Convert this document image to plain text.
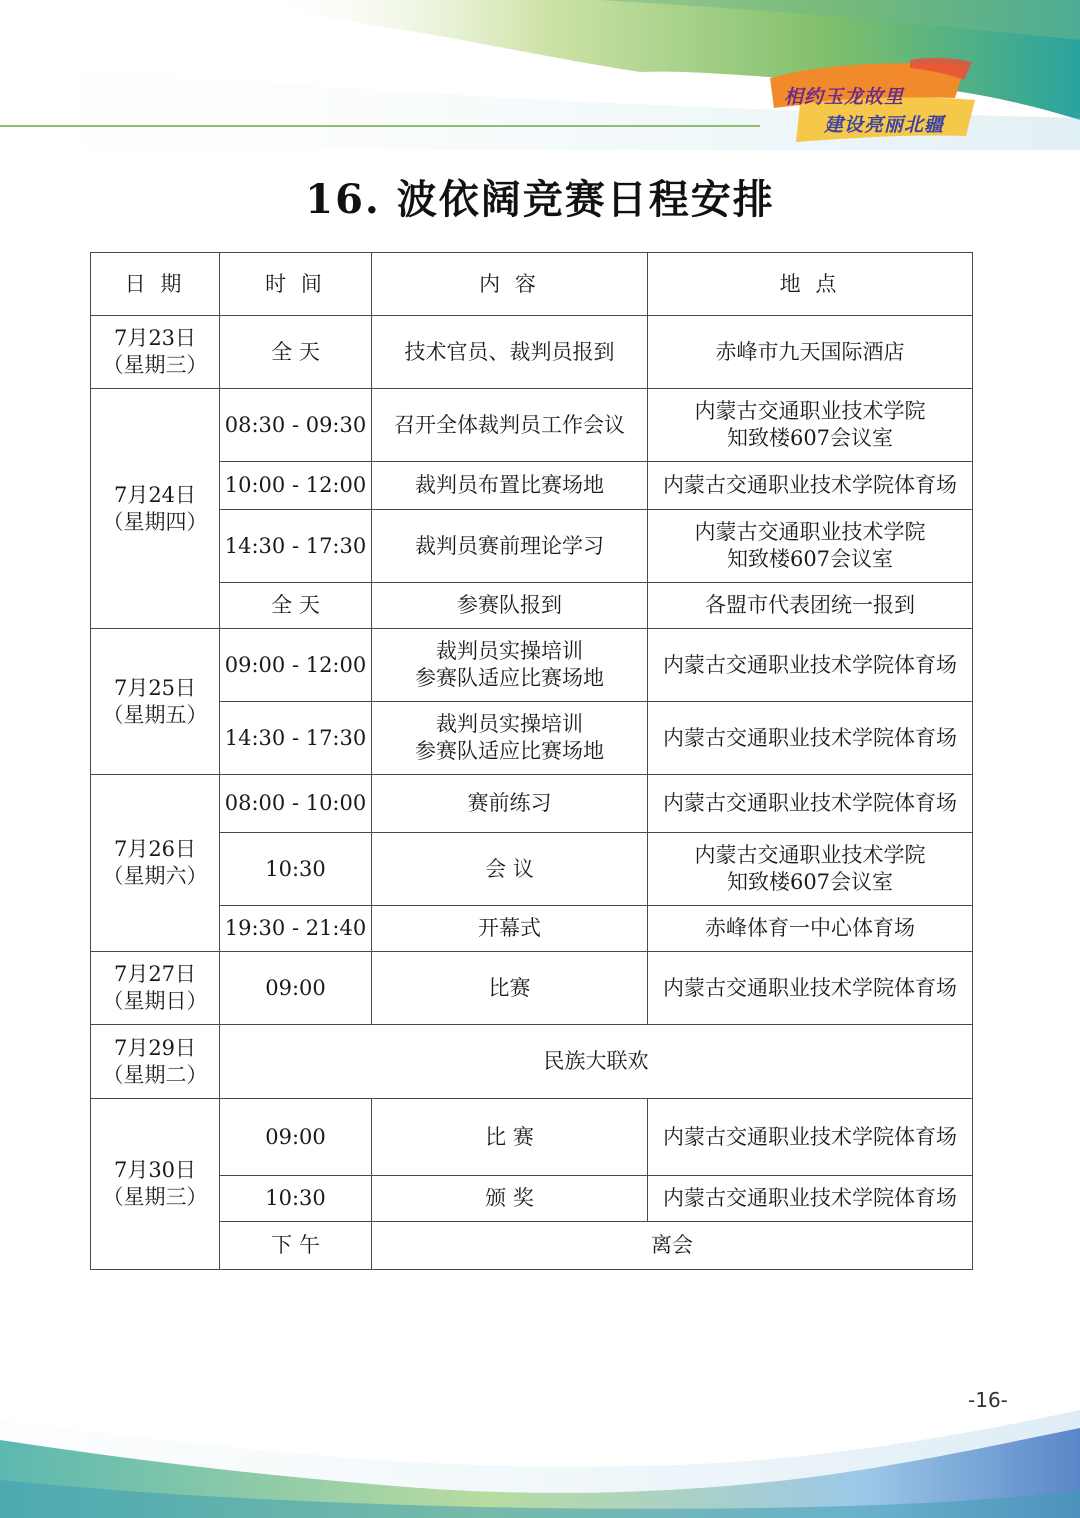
相约玉龙故里
建设亮丽北疆
16. 波依阔竞赛日程安排
日 期	时 间	内 容	地 点

7月23日
（星期三）	全 天	技术官员、裁判员报到	赤峰市九天国际酒店

7月24日
（星期四）	08:30 - 09:30	召开全体裁判员工作会议	内蒙古交通职业技术学院
知致楼607会议室

	10:00 - 12:00	裁判员布置比赛场地	内蒙古交通职业技术学院体育场
	14:30 - 17:30	裁判员赛前理论学习	内蒙古交通职业技术学院
知致楼607会议室

	全 天	参赛队报到	各盟市代表团统一报到

7月25日
（星期五）	09:00 - 12:00	裁判员实操培训
参赛队适应比赛场地	内蒙古交通职业技术学院体育场
	14:30 - 17:30	裁判员实操培训
参赛队适应比赛场地	内蒙古交通职业技术学院体育场

7月26日
（星期六）	08:00 - 10:00	赛前练习	内蒙古交通职业技术学院体育场
	10:30	会 议	内蒙古交通职业技术学院
知致楼607会议室

	19:30 - 21:40	开幕式	赤峰体育一中心体育场

7月27日
（星期日）	09:00	比赛	内蒙古交通职业技术学院体育场

7月29日
（星期二）	民族大联欢		

7月30日
（星期三）	09:00	比 赛	内蒙古交通职业技术学院体育场
	10:30	颁 奖	内蒙古交通职业技术学院体育场
	下 午	离会	
-16-
